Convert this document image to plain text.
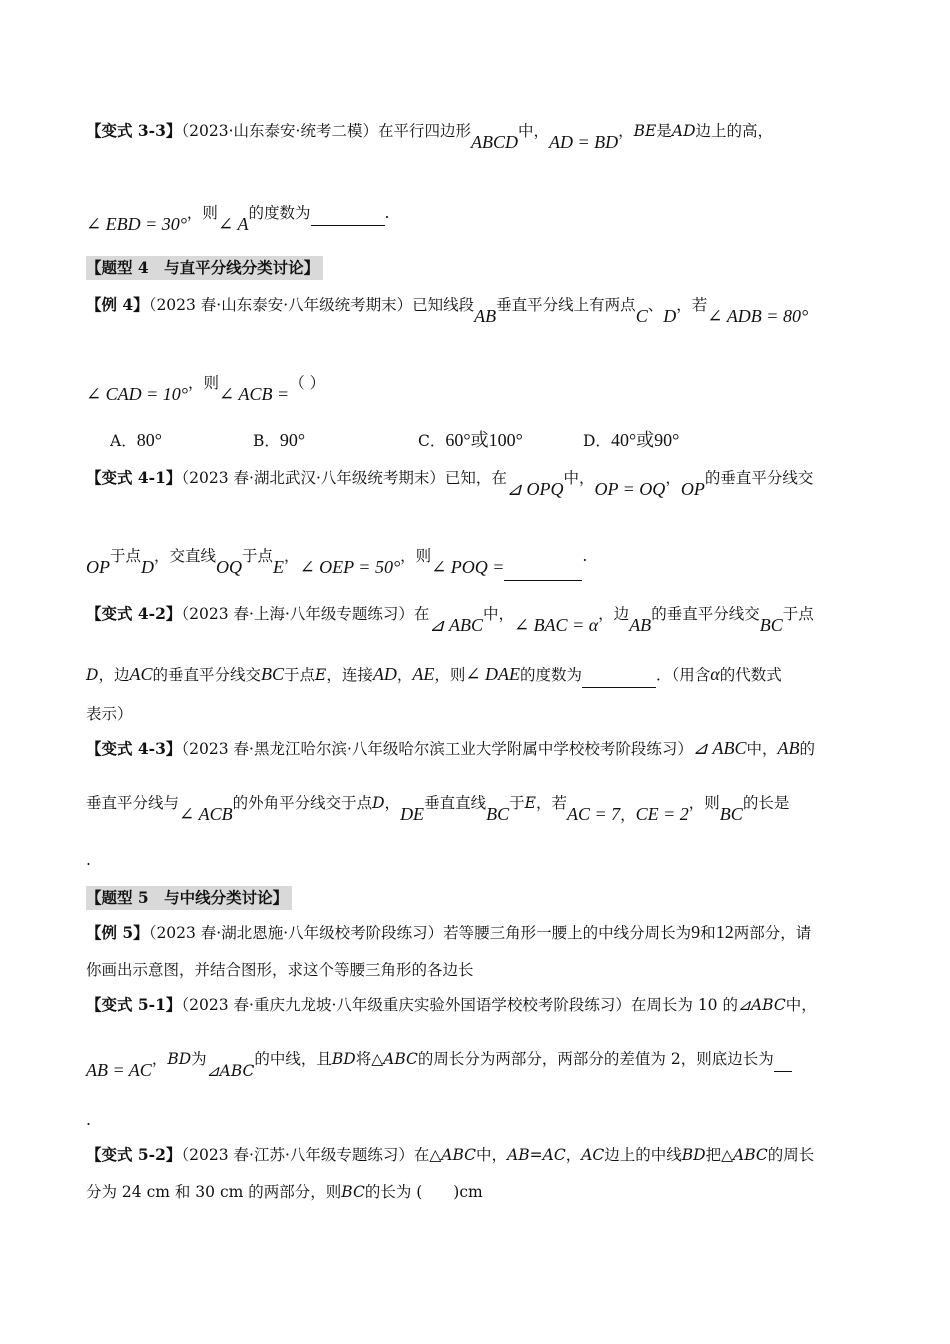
【变式 3-3】（2023·山东泰安·统考二模）在平行四边形ABCD中，AD = BD，BE是AD边上的高，
∠ EBD = 30°，则∠ A的度数为	.
【题型 4　与直平分线分类讨论】
【例 4】（2023 春·山东泰安·八年级统考期末）已知线段AB垂直平分线上有两点C、D，若∠ ADB = 80°
∠ CAD = 10°，则∠ ACB =（ ）
A．80°	B．90°	C．60°或100°	D．40°或90°
【变式 4-1】（2023 春·湖北武汉·八年级统考期末）已知，在⊿ OPQ中，OP = OQ，OP的垂直平分线交
OP于点D，交直线OQ于点E，∠ OEP = 50°，则∠ POQ =.
【变式 4-2】（2023 春·上海·八年级专题练习）在⊿ ABC中，∠ BAC = α，边AB的垂直平分线交BC于点
D，边AC的垂直平分线交BC于点E，连接AD，AE，则∠ DAE的度数为	．（用含α的代数式
表示）
【变式 4-3】（2023 春·黑龙江哈尔滨·八年级哈尔滨工业大学附属中学校校考阶段练习）⊿ ABC中，AB的
垂直平分线与∠ ACB的外角平分线交于点D，DE垂直直线BC于E，若AC = 7，CE = 2，则BC的长是
.
【题型 5　与中线分类讨论】
【例 5】（2023 春·湖北恩施·八年级校考阶段练习）若等腰三角形一腰上的中线分周长为9和12两部分，请
你画出示意图，并结合图形，求这个等腰三角形的各边长
【变式 5-1】（2023 春·重庆九龙坡·八年级重庆实验外国语学校校考阶段练习）在周长为 10 的⊿ABC中，
AB = AC，BD为⊿ABC的中线，且BD将△ABC的周长分为两部分，两部分的差值为 2，则底边长为
.
【变式 5-2】（2023 春·江苏·八年级专题练习）在△ABC中，AB=AC，AC边上的中线BD把△ABC的周长
分为 24 cm 和 30 cm 的两部分，则BC的长为 (　　)cm
